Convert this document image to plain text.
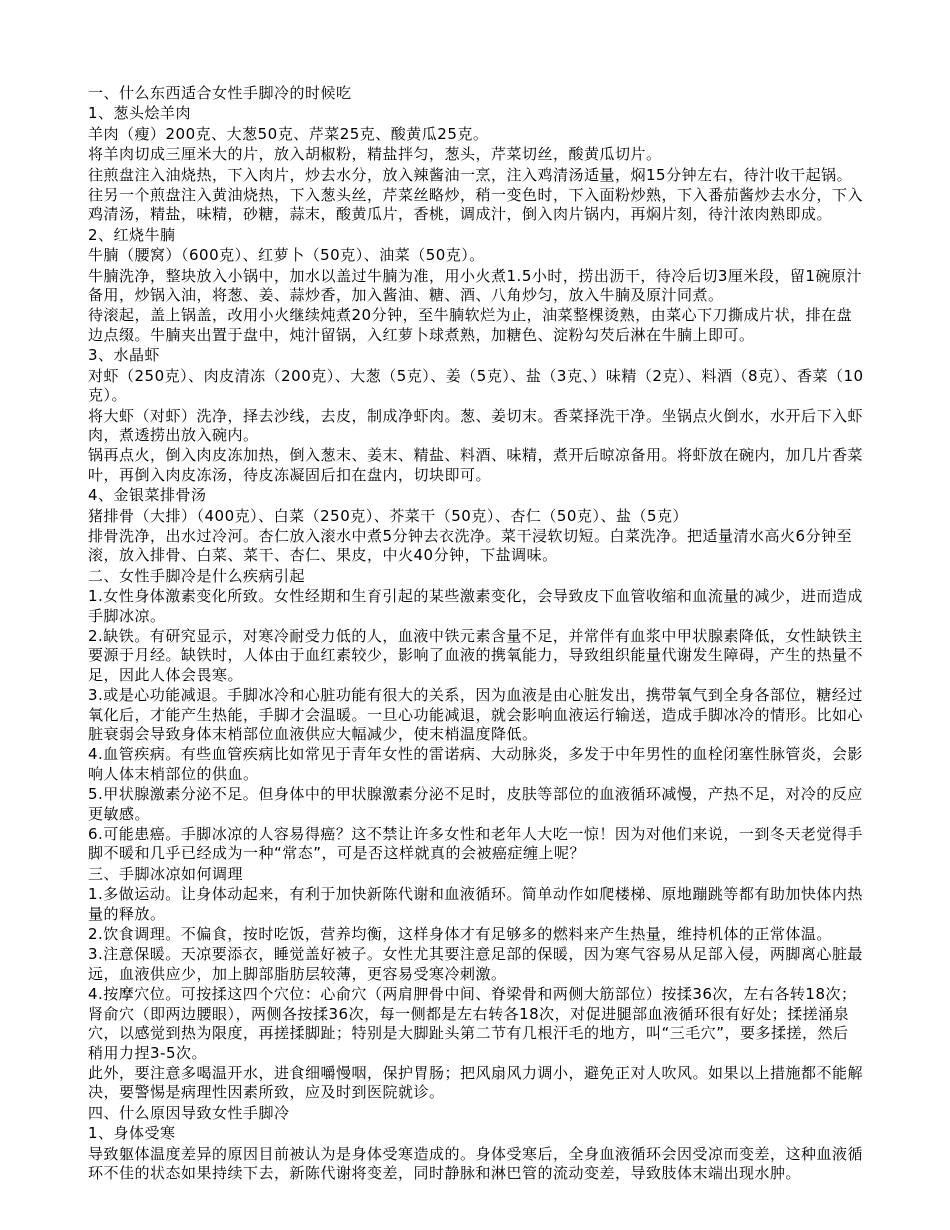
一、什么东西适合女性手脚冷的时候吃

1、葱头烩羊肉

羊肉（瘦）200克、大葱50克、芹菜25克、酸黄瓜25克。

将羊肉切成三厘米大的片，放入胡椒粉，精盐拌匀，葱头，芹菜切丝，酸黄瓜切片。

往煎盘注入油烧热，下入肉片，炒去水分，放入辣酱油一烹，注入鸡清汤适量，焖15分钟左右，待汁收干起锅。

往另一个煎盘注入黄油烧热，下入葱头丝，芹菜丝略炒，稍一变色时，下入面粉炒熟，下入番茄酱炒去水分，下入鸡清汤，精盐，味精，砂糖，蒜末，酸黄瓜片，香桃，调成汁，倒入肉片锅内，再焖片刻，待汁浓肉熟即成。

2、红烧牛腩

牛腩（腰窝）（600克）、红萝卜（50克）、油菜（50克）。

牛腩洗净，整块放入小锅中，加水以盖过牛腩为准，用小火煮1.5小时，捞出沥干，待冷后切3厘米段，留1碗原汁备用，炒锅入油，将葱、姜、蒜炒香，加入酱油、糖、酒、八角炒匀，放入牛腩及原汁同煮。

待滚起，盖上锅盖，改用小火继续炖煮20分钟，至牛腩软烂为止，油菜整棵烫熟，由菜心下刀撕成片状，排在盘边点缀。牛腩夹出置于盘中，炖汁留锅，入红萝卜球煮熟，加糖色、淀粉勾芡后淋在牛腩上即可。

3、水晶虾

对虾（250克）、肉皮清冻（200克）、大葱（5克）、姜（5克）、盐（3克、）味精（2克）、料酒（8克）、香菜（10克）。

将大虾（对虾）洗净，择去沙线，去皮，制成净虾肉。葱、姜切末。香菜择洗干净。坐锅点火倒水，水开后下入虾肉，煮透捞出放入碗内。

锅再点火，倒入肉皮冻加热，倒入葱末、姜末、精盐、料酒、味精，煮开后晾凉备用。将虾放在碗内，加几片香菜叶，再倒入肉皮冻汤，待皮冻凝固后扣在盘内，切块即可。

4、金银菜排骨汤

猪排骨（大排）（400克）、白菜（250克）、芥菜干（50克）、杏仁（50克）、盐（5克）

排骨洗净，出水过冷河。杏仁放入滚水中煮5分钟去衣洗净。菜干浸软切短。白菜洗净。把适量清水高火6分钟至滚，放入排骨、白菜、菜干、杏仁、果皮，中火40分钟，下盐调味。

二、女性手脚冷是什么疾病引起

1.女性身体激素变化所致。女性经期和生育引起的某些激素变化，会导致皮下血管收缩和血流量的减少，进而造成手脚冰凉。

2.缺铁。有研究显示，对寒冷耐受力低的人，血液中铁元素含量不足，并常伴有血浆中甲状腺素降低，女性缺铁主要源于月经。缺铁时，人体由于血红素较少，影响了血液的携氧能力，导致组织能量代谢发生障碍，产生的热量不足，因此人体会畏寒。

3.或是心功能减退。手脚冰冷和心脏功能有很大的关系，因为血液是由心脏发出，携带氧气到全身各部位，糖经过氧化后，才能产生热能，手脚才会温暖。一旦心功能减退，就会影响血液运行输送，造成手脚冰冷的情形。比如心脏衰弱会导致身体末梢部位血液供应大幅减少，使末梢温度降低。

4.血管疾病。有些血管疾病比如常见于青年女性的雷诺病、大动脉炎，多发于中年男性的血栓闭塞性脉管炎，会影响人体末梢部位的供血。

5.甲状腺激素分泌不足。但身体中的甲状腺激素分泌不足时，皮肤等部位的血液循环减慢，产热不足，对冷的反应更敏感。

6.可能患癌。手脚冰凉的人容易得癌？这不禁让许多女性和老年人大吃一惊！因为对他们来说，一到冬天老觉得手脚不暖和几乎已经成为一种“常态”，可是否这样就真的会被癌症缠上呢？

三、手脚冰凉如何调理

1.多做运动。让身体动起来，有利于加快新陈代谢和血液循环。简单动作如爬楼梯、原地蹦跳等都有助加快体内热量的释放。

2.饮食调理。不偏食，按时吃饭，营养均衡，这样身体才有足够多的燃料来产生热量，维持机体的正常体温。

3.注意保暖。天凉要添衣，睡觉盖好被子。女性尤其要注意足部的保暖，因为寒气容易从足部入侵，两脚离心脏最远，血液供应少，加上脚部脂肪层较薄，更容易受寒冷刺激。

4.按摩穴位。可按揉这四个穴位：心俞穴（两肩胛骨中间、脊梁骨和两侧大筋部位）按揉36次，左右各转18次；肾俞穴（即两边腰眼），两侧各按揉36次，每一侧都是左右转各18次，对促进腿部血液循环很有好处；揉搓涌泉穴，以感觉到热为限度，再搓揉脚趾；特别是大脚趾头第二节有几根汗毛的地方，叫“三毛穴”，要多揉搓，然后稍用力捏3-5次。

此外，要注意多喝温开水，进食细嚼慢咽，保护胃肠；把风扇风力调小，避免正对人吹风。如果以上措施都不能解决，要警惕是病理性因素所致，应及时到医院就诊。

四、什么原因导致女性手脚冷

1、身体受寒

导致躯体温度差异的原因目前被认为是身体受寒造成的。身体受寒后，全身血液循环会因受凉而变差，这种血液循环不佳的状态如果持续下去，新陈代谢将变差，同时静脉和淋巴管的流动变差，导致肢体末端出现水肿。
